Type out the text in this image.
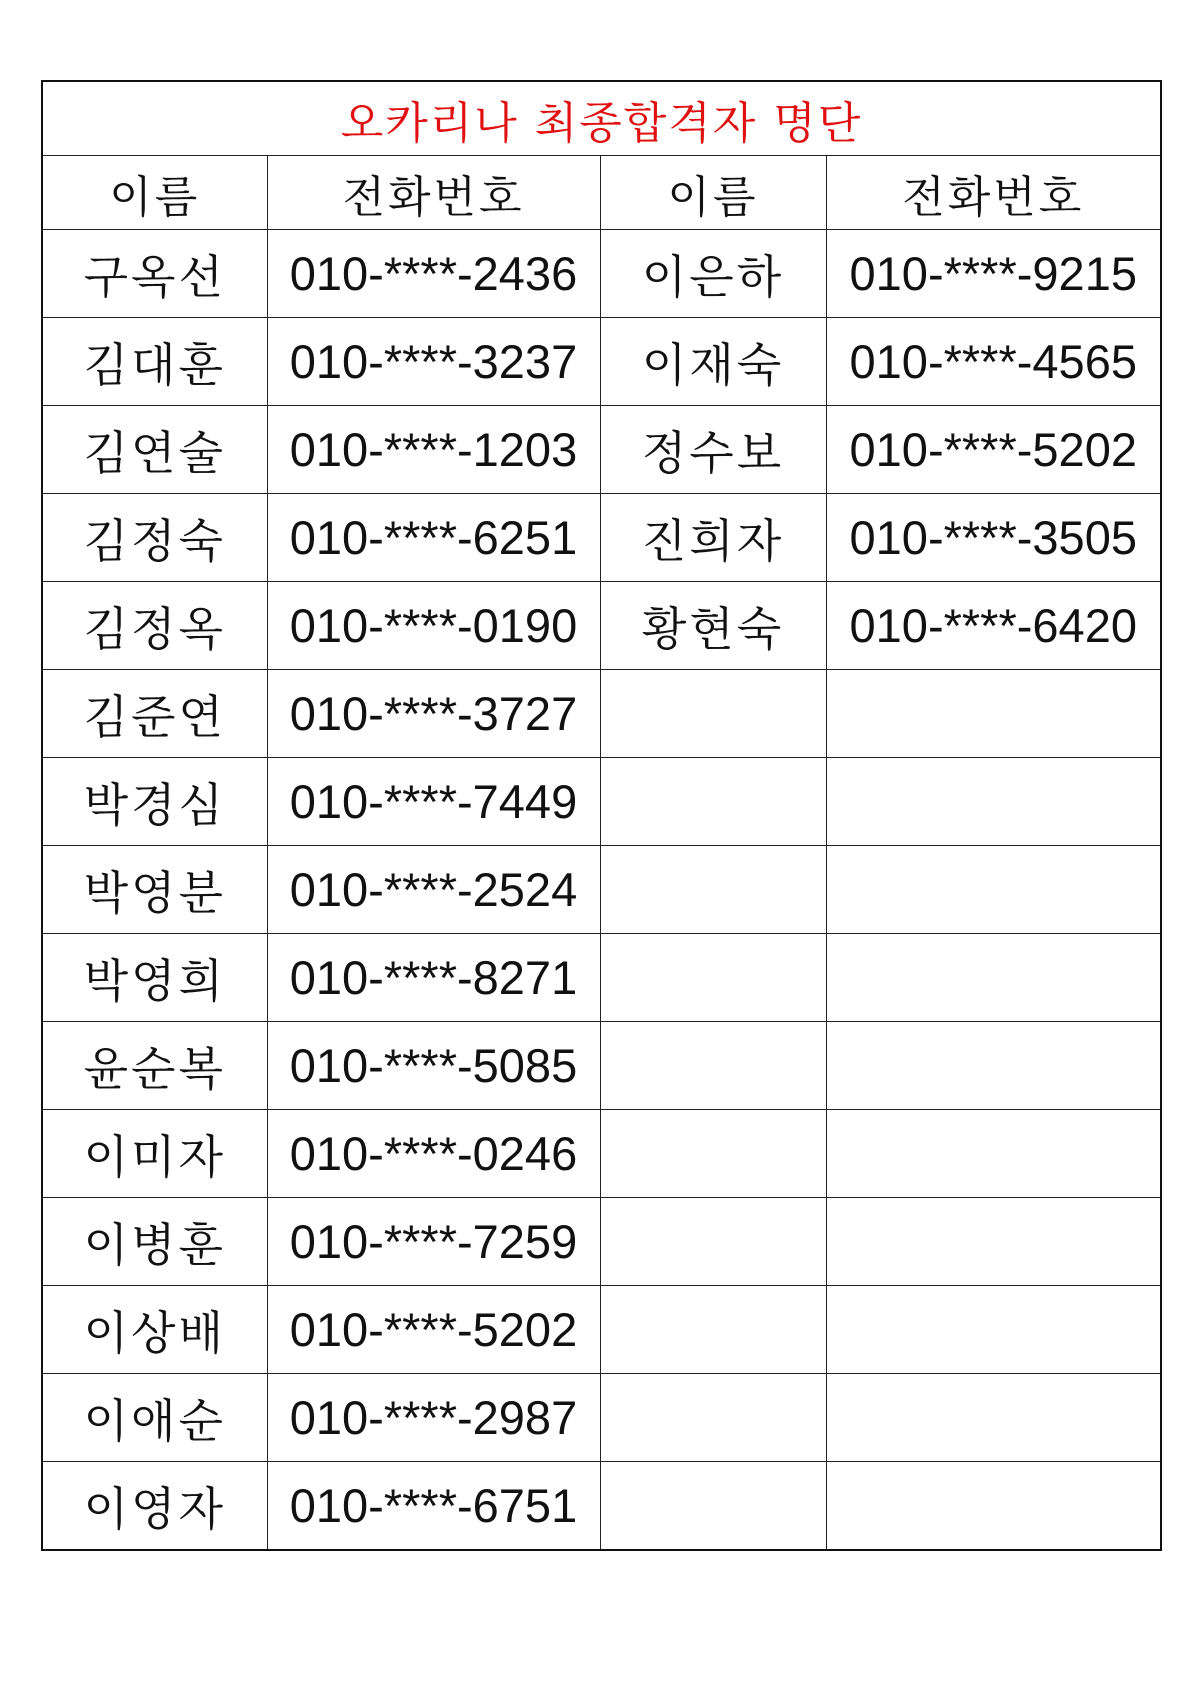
오카리나 최종합격자 명단			
이름	전화번호	이름	전화번호
구옥선	010-****-2436	이은하	010-****-9215
김대훈	010-****-3237	이재숙	010-****-4565
김연술	010-****-1203	정수보	010-****-5202
김정숙	010-****-6251	진희자	010-****-3505
김정옥	010-****-0190	황현숙	010-****-6420
김준연	010-****-3727		
박경심	010-****-7449		
박영분	010-****-2524		
박영희	010-****-8271		
윤순복	010-****-5085		
이미자	010-****-0246		
이병훈	010-****-7259		
이상배	010-****-5202		
이애순	010-****-2987		
이영자	010-****-6751		
